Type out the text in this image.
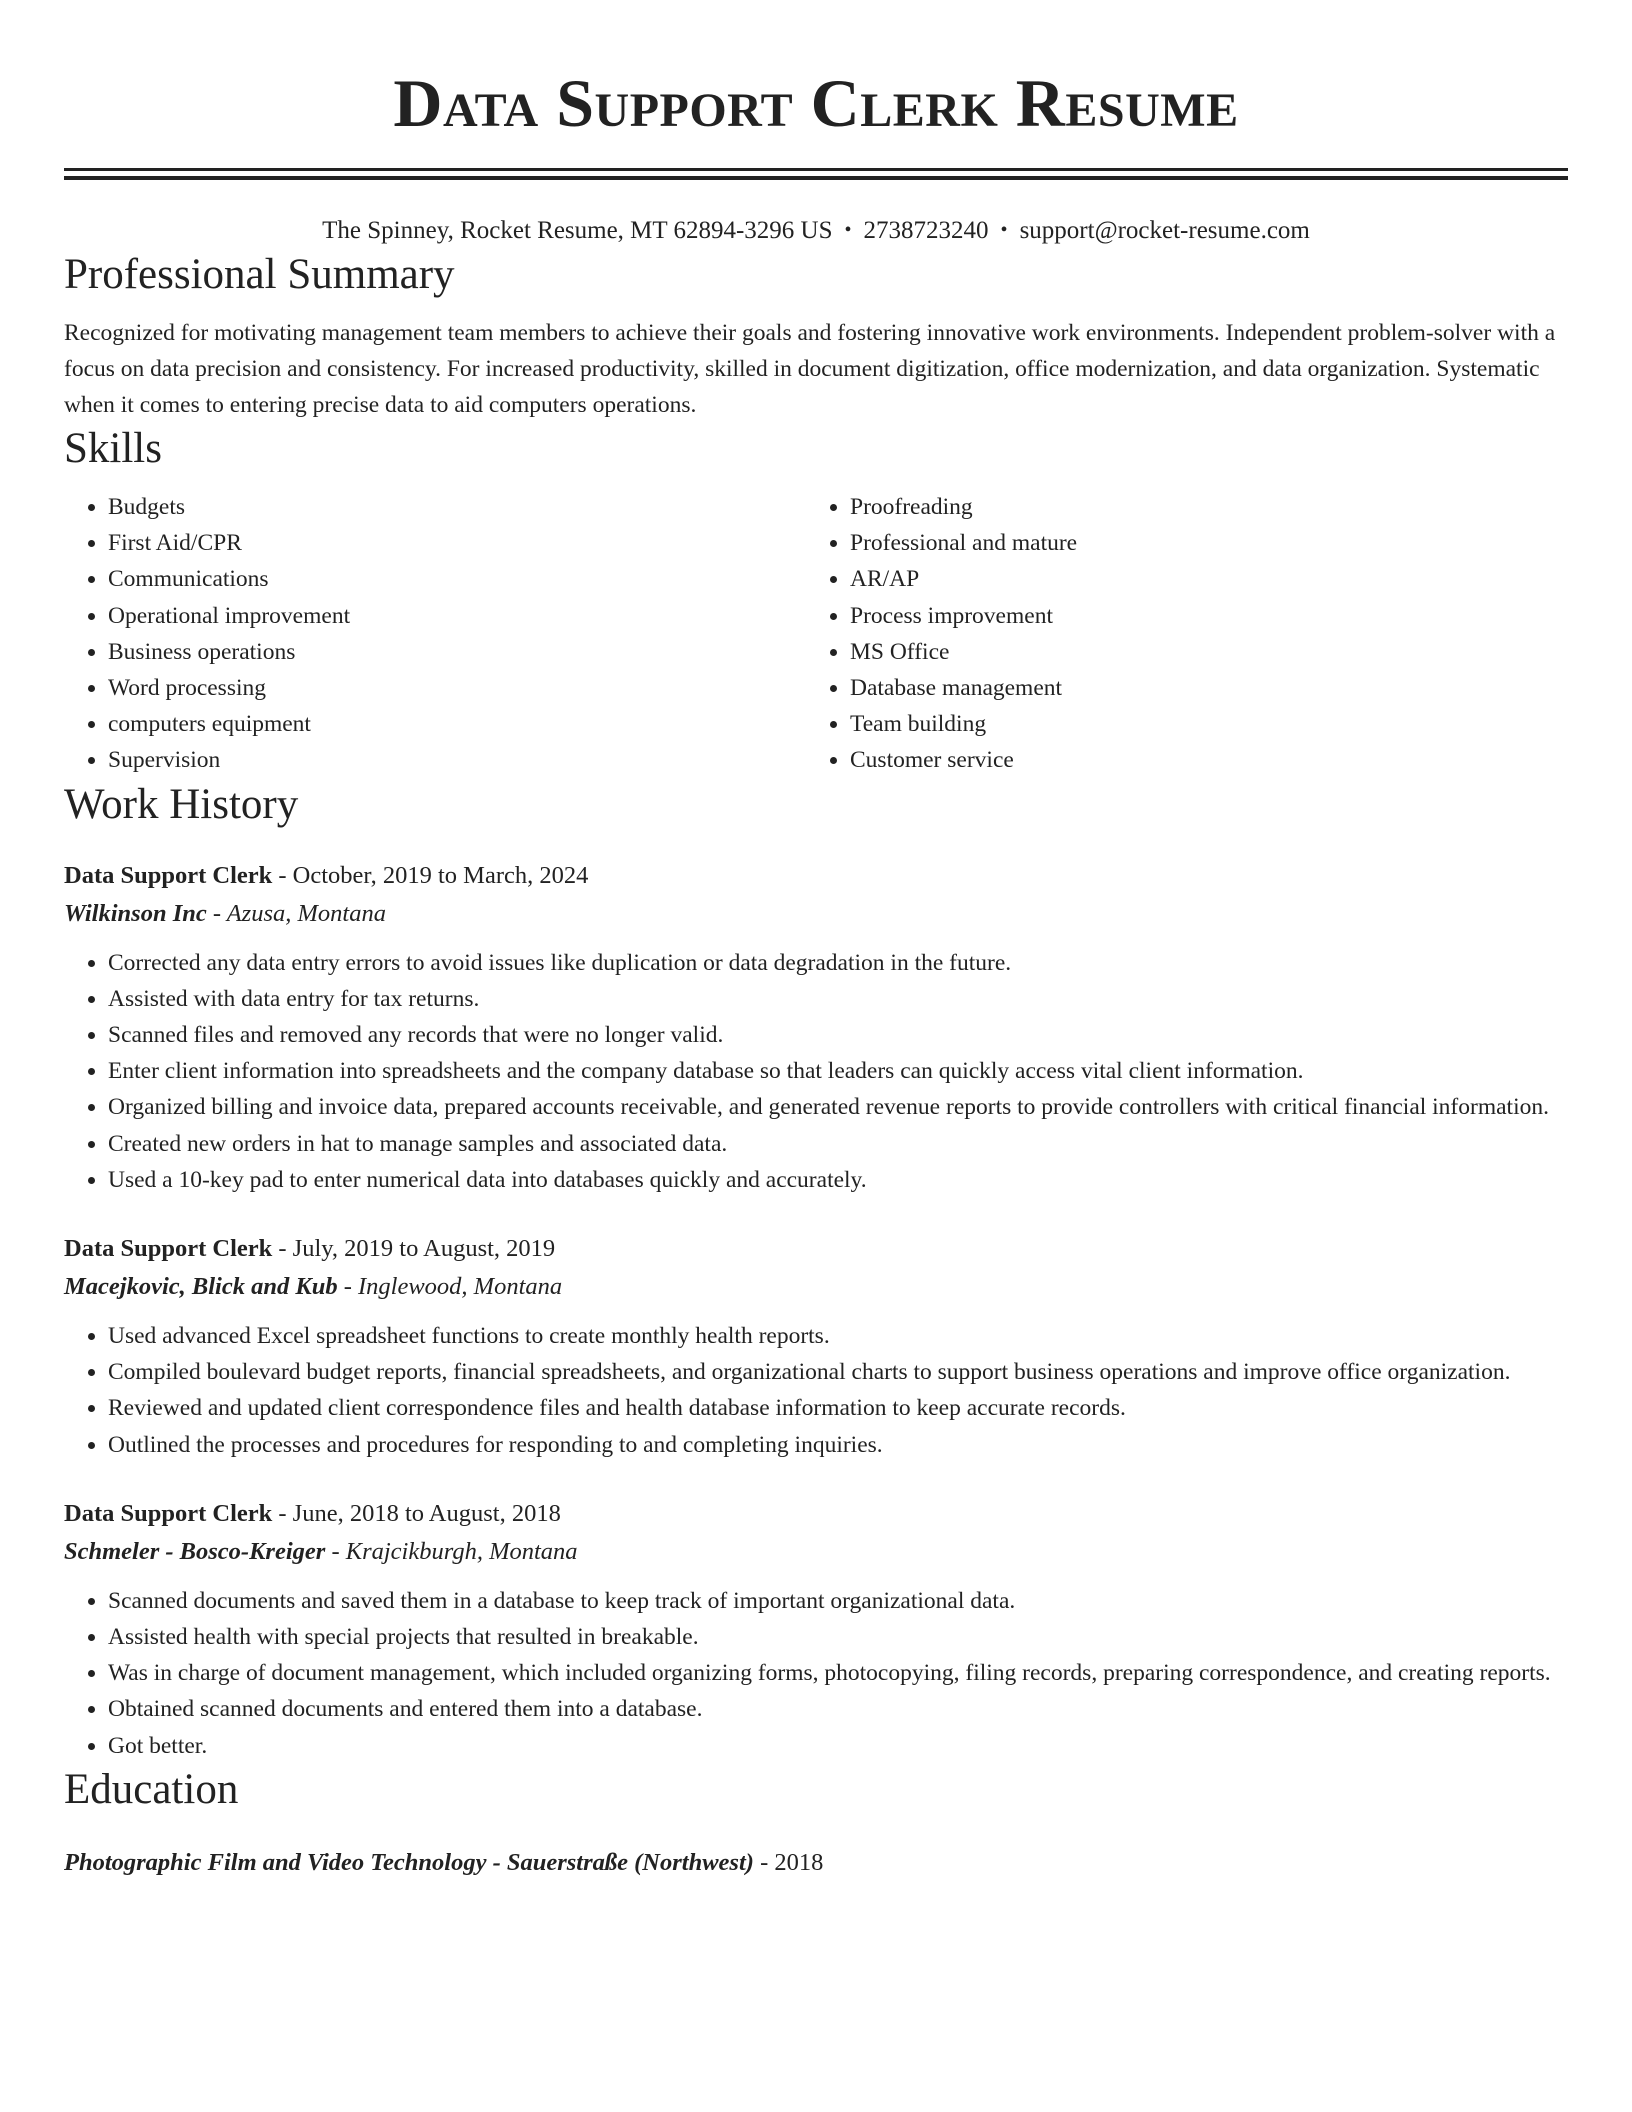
Data Support Clerk Resume
The Spinney, Rocket Resume, MT 62894-3296 US • 2738723240 • support@rocket-resume.com
Professional Summary

Recognized for motivating management team members to achieve their goals and fostering innovative work environments. Independent problem-solver with a focus on data precision and consistency. For increased productivity, skilled in document digitization, office modernization, and data organization. Systematic when it comes to entering precise data to aid computers operations.

Skills
• Budgets
• First Aid/CPR
• Communications
• Operational improvement
• Business operations
• Word processing
• computers equipment
• Supervision
• Proofreading
• Professional and mature
• AR/AP
• Process improvement
• MS Office
• Database management
• Team building
• Customer service
Work History
Data Support Clerk - October, 2019 to March, 2024
Wilkinson Inc - Azusa, Montana
• Corrected any data entry errors to avoid issues like duplication or data degradation in the future.
• Assisted with data entry for tax returns.
• Scanned files and removed any records that were no longer valid.
• Enter client information into spreadsheets and the company database so that leaders can quickly access vital client information.
• Organized billing and invoice data, prepared accounts receivable, and generated revenue reports to provide controllers with critical financial information.
• Created new orders in hat to manage samples and associated data.
• Used a 10-key pad to enter numerical data into databases quickly and accurately.
Data Support Clerk - July, 2019 to August, 2019
Macejkovic, Blick and Kub - Inglewood, Montana
• Used advanced Excel spreadsheet functions to create monthly health reports.
• Compiled boulevard budget reports, financial spreadsheets, and organizational charts to support business operations and improve office organization.
• Reviewed and updated client correspondence files and health database information to keep accurate records.
• Outlined the processes and procedures for responding to and completing inquiries.
Data Support Clerk - June, 2018 to August, 2018
Schmeler - Bosco-Kreiger - Krajcikburgh, Montana
• Scanned documents and saved them in a database to keep track of important organizational data.
• Assisted health with special projects that resulted in breakable.
• Was in charge of document management, which included organizing forms, photocopying, filing records, preparing correspondence, and creating reports.
• Obtained scanned documents and entered them into a database.
• Got better.
Education
Photographic Film and Video Technology - Sauerstraße (Northwest) - 2018
